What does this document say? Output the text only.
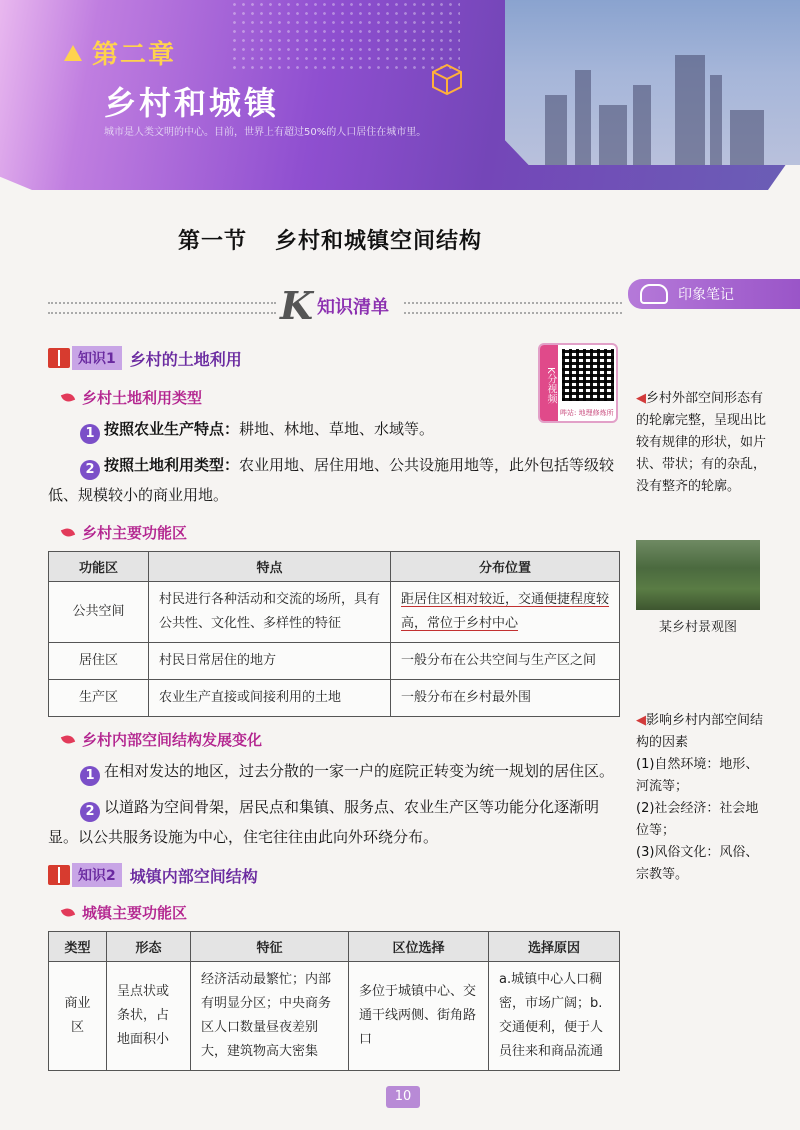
第二章
乡村和城镇
城市是人类文明的中心。目前，世界上有超过50%的人口居住在城市里。
第一节 乡村和城镇空间结构
K 知识清单
印象笔记
K分视频
哔站: 地理修炼所
知识1 乡村的土地利用
乡村土地利用类型

1 按照农业生产特点：耕地、林地、草地、水域等。

2 按照土地利用类型：农业用地、居住用地、公共设施用地等，此外包括等级较低、规模较小的商业用地。

乡村主要功能区
功能区	特点	分布位置
公共空间	村民进行各种活动和交流的场所，具有公共性、文化性、多样性的特征	距居住区相对较近，交通便捷程度较高，常位于乡村中心
居住区	村民日常居住的地方	一般分布在公共空间与生产区之间
生产区	农业生产直接或间接利用的土地	一般分布在乡村最外围
乡村内部空间结构发展变化

1 在相对发达的地区，过去分散的一家一户的庭院正转变为统一规划的居住区。

2 以道路为空间骨架，居民点和集镇、服务点、农业生产区等功能分化逐渐明显。以公共服务设施为中心，住宅往往由此向外环绕分布。

知识2 城镇内部空间结构
城镇主要功能区
类型	形态	特征	区位选择	选择原因
商业区	呈点状或条状，占地面积小	经济活动最繁忙；内部有明显分区；中央商务区人口数量昼夜差别大，建筑物高大密集	多位于城镇中心、交通干线两侧、街角路口	a.城镇中心人口稠密，市场广阔；b.交通便利，便于人员往来和商品流通
◀乡村外部空间形态有的轮廓完整，呈现出比较有规律的形状，如片状、带状；有的杂乱，没有整齐的轮廓。
某乡村景观图
◀影响乡村内部空间结构的因素
(1)自然环境：地形、河流等；
(2)社会经济：社会地位等；
(3)风俗文化：风俗、宗教等。
10
